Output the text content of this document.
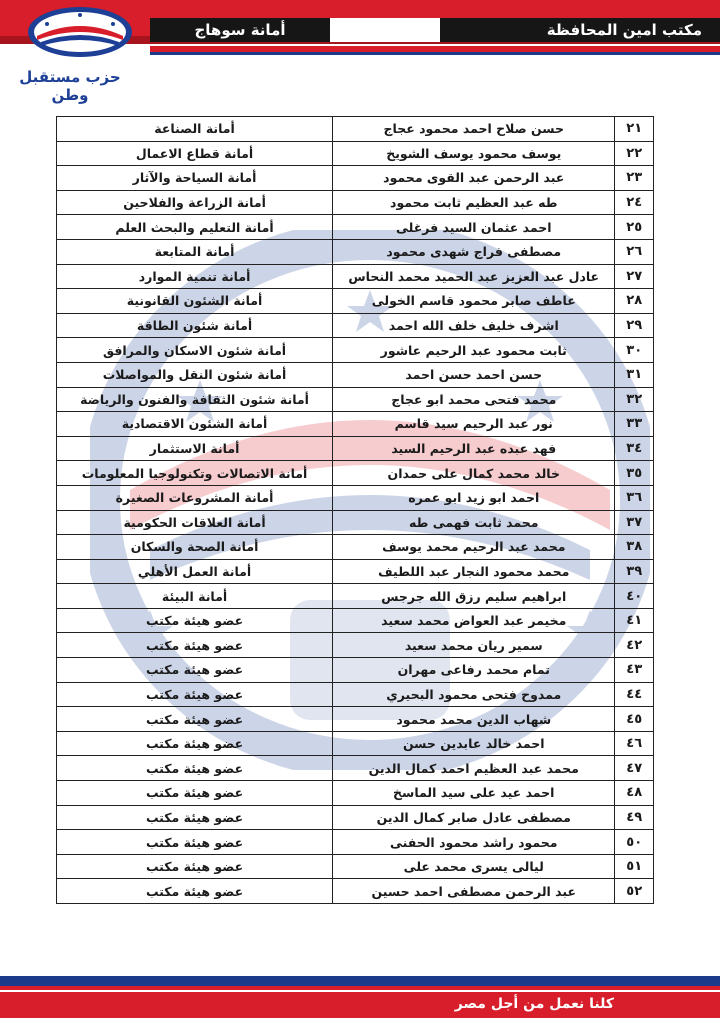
أمانة سوهاج	مكتب امين المحافظة
حزب مستقبل وطن
٢١	حسن صلاح احمد محمود عجاج	أمانة الصناعة
٢٢	يوسف محمود يوسف الشويخ	أمانة قطاع الاعمال
٢٣	عبد الرحمن عبد القوى محمود	أمانة السياحة والآثار
٢٤	طه عبد العظيم ثابت محمود	أمانة الزراعة والفلاحين
٢٥	احمد عثمان السيد فرغلى	أمانة التعليم والبحث العلم
٢٦	مصطفى فراج شهدى محمود	أمانة المتابعة
٢٧	عادل عبد العزيز عبد الحميد محمد النحاس	أمانة تنمية الموارد
٢٨	عاطف صابر محمود قاسم الخولى	أمانة الشئون القانونية
٢٩	اشرف خليف خلف الله احمد	أمانة شئون الطاقة
٣٠	ثابت محمود عبد الرحيم عاشور	أمانة شئون الاسكان والمرافق
٣١	حسن احمد حسن احمد	أمانة شئون النقل والمواصلات
٣٢	محمد فتحى محمد ابو عجاج	أمانة شئون الثقافة والفنون والرياضة
٣٣	نور عبد الرحيم سيد قاسم	أمانة الشئون الاقتصادية
٣٤	فهد عبده عبد الرحيم السيد	أمانة الاستثمار
٣٥	خالد محمد كمال على حمدان	أمانة الاتصالات وتكنولوجيا المعلومات
٣٦	احمد ابو زيد ابو عمره	أمانة المشروعات الصغيرة
٣٧	محمد ثابت فهمى طه	أمانة العلاقات الحكومية
٣٨	محمد عبد الرحيم محمد يوسف	أمانة الصحة والسكان
٣٩	محمد محمود النجار عبد اللطيف	أمانة العمل الأهلي
٤٠	ابراهيم سليم رزق الله جرجس	أمانة البيئة
٤١	مخيمر عبد العواض محمد سعيد	عضو هيئة مكتب
٤٢	سمير ريان محمد سعيد	عضو هيئة مكتب
٤٣	تمام محمد رفاعى مهران	عضو هيئة مكتب
٤٤	ممدوح فتحى محمود البحيري	عضو هيئة مكتب
٤٥	شهاب الدين محمد محمود	عضو هيئة مكتب
٤٦	احمد خالد عابدين حسن	عضو هيئة مكتب
٤٧	محمد عبد العظيم احمد كمال الدين	عضو هيئة مكتب
٤٨	احمد عيد على سيد الماسخ	عضو هيئة مكتب
٤٩	مصطفى عادل صابر كمال الدين	عضو هيئة مكتب
٥٠	محمود راشد محمود الحفنى	عضو هيئة مكتب
٥١	ليالى يسرى محمد على	عضو هيئة مكتب
٥٢	عبد الرحمن مصطفى احمد حسين	عضو هيئة مكتب
كلنا نعمل من أجل مصر
